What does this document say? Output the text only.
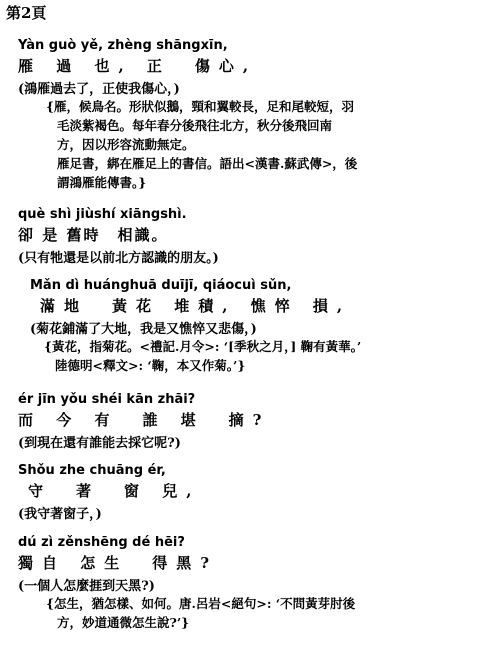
第2頁
Yàn guò yě, zhèng shāngxīn,
雁 過 也, 正　傷心,
(鴻雁過去了，正使我傷心，)
{雁，候鳥名。形狀似鵝，頸和翼較長，足和尾較短，羽
毛淡紫褐色。每年春分後飛往北方，秋分後飛回南
方，因以形容流動無定。
雁足書，綁在雁足上的書信。語出<漢書.蘇武傳>，後
謂鴻雁能傳書。}
què shì jiùshí xiāngshì.
卻 是 舊時　相識。
(只有牠還是以前北方認識的朋友。)
Mǎn dì huánghuā duījī, qiáocuì sǔn,
滿地　黃花 堆積, 憔悴 損,
(菊花鋪滿了大地，我是又憔悴又悲傷，)
{黃花，指菊花。<禮記.月令>: ‘[季秋之月，] 鞠有黃華。’
陸德明<釋文>: ‘鞠，本又作菊。’}
ér jīn yǒu shéi kān zhāi?
而 今 有　誰 堪　摘?
(到現在還有誰能去採它呢?)
Shǒu zhe chuāng ér,
守　著　窗 兒,
(我守著窗子，)
dú zì zěnshēng dé hēi?
獨自 怎生　得黑?
(一個人怎麼捱到天黑?)
{怎生，猶怎樣、如何。唐.呂岩<絕句>: ‘不問黃芽肘後
方，妙道通微怎生說?’}
